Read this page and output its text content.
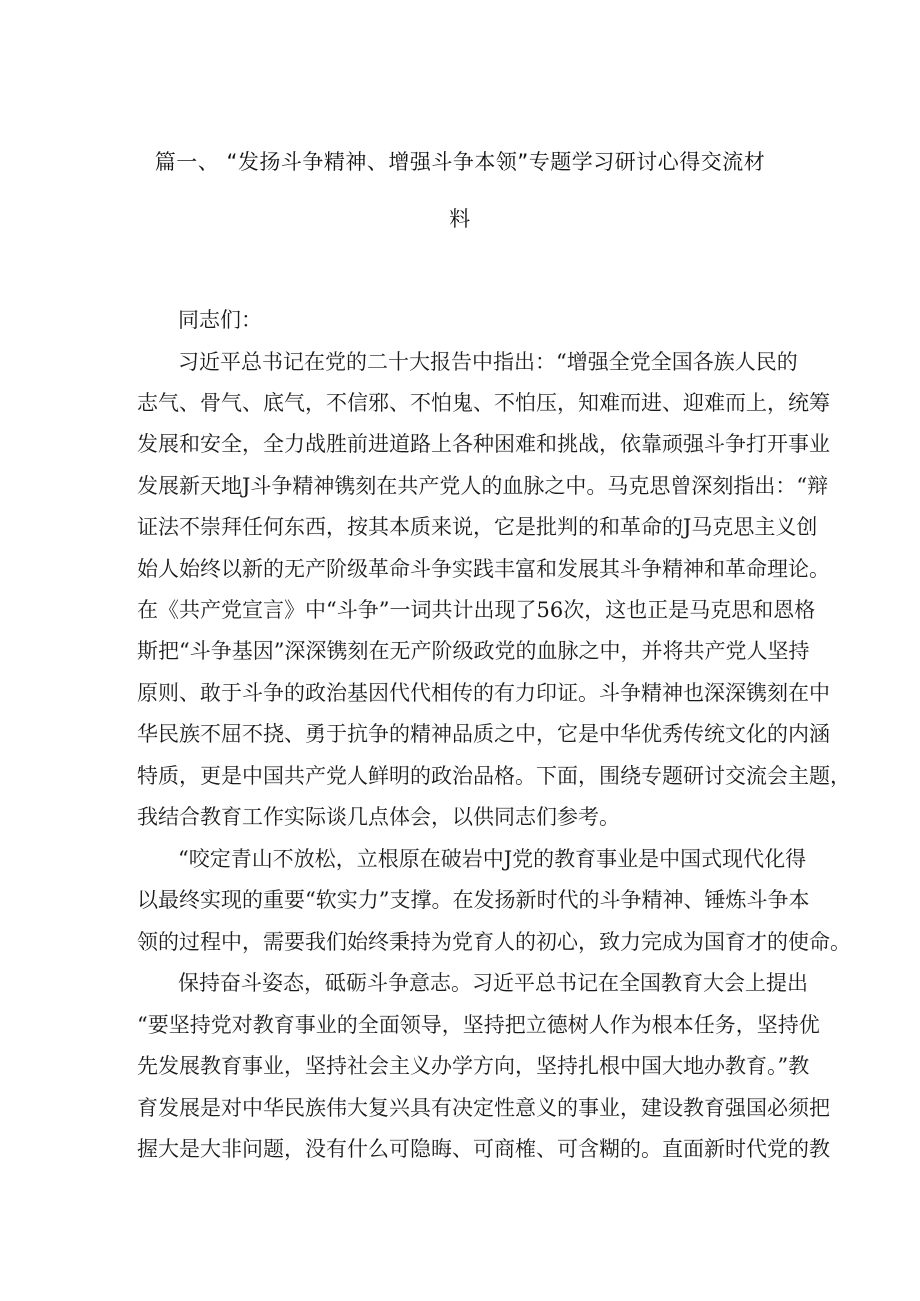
篇一、 “发扬斗争精神、增强斗争本领”专题学习研讨心得交流材
料
同志们：
习近平总书记在党的二十大报告中指出：“增强全党全国各族人民的
志气、骨气、底气，不信邪、不怕鬼、不怕压，知难而进、迎难而上，统筹
发展和安全，全力战胜前进道路上各种困难和挑战，依靠顽强斗争打开事业
发展新天地J斗争精神镌刻在共产党人的血脉之中。马克思曾深刻指出：“辩
证法不崇拜任何东西，按其本质来说，它是批判的和革命的J马克思主义创
始人始终以新的无产阶级革命斗争实践丰富和发展其斗争精神和革命理论。
在《共产党宣言》中“斗争”一词共计出现了56次，这也正是马克思和恩格
斯把“斗争基因”深深镌刻在无产阶级政党的血脉之中，并将共产党人坚持
原则、敢于斗争的政治基因代代相传的有力印证。斗争精神也深深镌刻在中
华民族不屈不挠、勇于抗争的精神品质之中，它是中华优秀传统文化的内涵
特质，更是中国共产党人鲜明的政治品格。下面，围绕专题研讨交流会主题，
我结合教育工作实际谈几点体会，以供同志们参考。
“咬定青山不放松，立根原在破岩中J党的教育事业是中国式现代化得
以最终实现的重要“软实力”支撑。在发扬新时代的斗争精神、锤炼斗争本
领的过程中，需要我们始终秉持为党育人的初心，致力完成为国育才的使命。
保持奋斗姿态，砥砺斗争意志。习近平总书记在全国教育大会上提出
“要坚持党对教育事业的全面领导，坚持把立德树人作为根本任务，坚持优
先发展教育事业，坚持社会主义办学方向，坚持扎根中国大地办教育。”教
育发展是对中华民族伟大复兴具有决定性意义的事业，建设教育强国必须把
握大是大非问题，没有什么可隐晦、可商榷、可含糊的。直面新时代党的教
